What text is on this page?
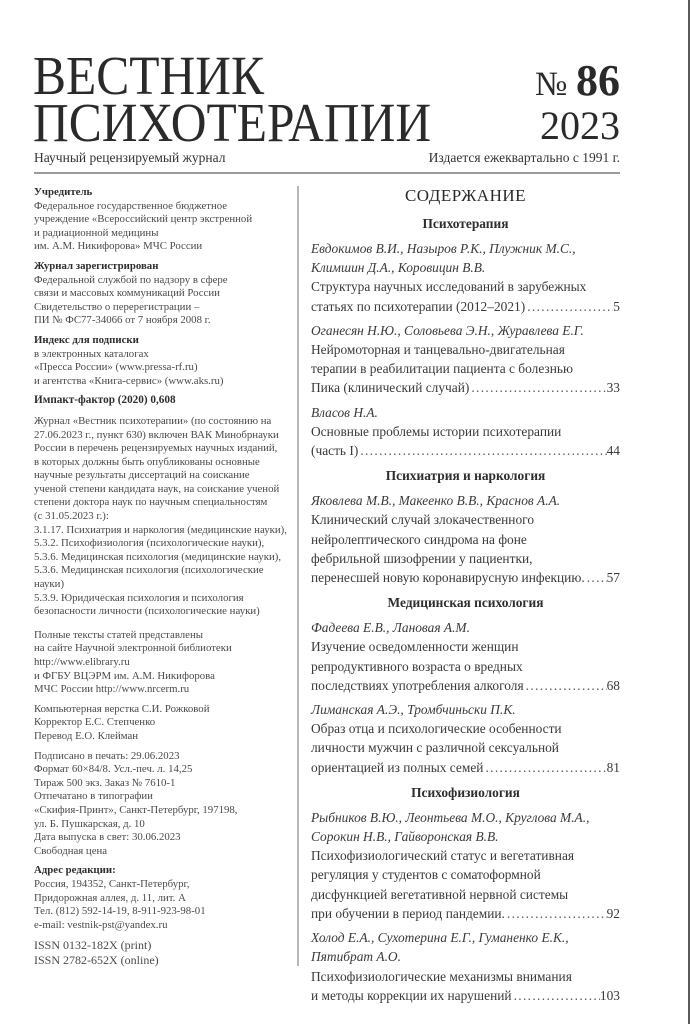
ВЕСТНИК
ПСИХОТЕРАПИИ
№ 86
2023
Научный рецензируемый журнал	Издается ежеквартально с 1991 г.
Учредитель
Федеральное государственное бюджетное
учреждение «Всероссийский центр экстренной
и радиационной медицины
им. А.М. Никифорова» МЧС России
Журнал зарегистрирован
Федеральной службой по надзору в сфере
связи и массовых коммуникаций России
Свидетельство о перерегистрации –
ПИ № ФС77-34066 от 7 ноября 2008 г.
Индекс для подписки
в электронных каталогах
«Пресса России» (www.pressa-rf.ru)
и агентства «Книга-сервис» (www.aks.ru)
Импакт-фактор (2020) 0,608
Журнал «Вестник психотерапии» (по состоянию на
27.06.2023 г., пункт 630) включен ВАК Минобрнауки
России в перечень рецензируемых научных изданий,
в которых должны быть опубликованы основные
научные результаты диссертаций на соискание
ученой степени кандидата наук, на соискание ученой
степени доктора наук по научным специальностям
(с 31.05.2023 г.):
3.1.17. Психиатрия и наркология (медицинские науки),
5.3.2. Психофизиология (психологические науки),
5.3.6. Медицинская психология (медицинские науки),
5.3.6. Медицинская психология (психологические
науки)
5.3.9. Юридическая психология и психология
безопасности личности (психологические науки)
Полные тексты статей представлены
на сайте Научной электронной библиотеки
http://www.elibrary.ru
и ФГБУ ВЦЭРМ им. А.М. Никифорова
МЧС России http://www.nrcerm.ru
Компьютерная верстка С.И. Рожковой
Корректор Е.С. Степченко
Перевод Е.О. Клейман
Подписано в печать: 29.06.2023
Формат 60×84/8. Усл.-печ. л. 14,25
Тираж 500 экз. Заказ № 7610-1
Отпечатано в типографии
«Скифия-Принт», Санкт-Петербург, 197198,
ул. Б. Пушкарская, д. 10
Дата выпуска в свет: 30.06.2023
Свободная цена
Адрес редакции:
Россия, 194352, Санкт-Петербург,
Придорожная аллея, д. 11, лит. А
Тел. (812) 592-14-19, 8-911-923-98-01
e-mail: vestnik-pst@yandex.ru
ISSN 0132-182X (print)
ISSN 2782-652X (online)
СОДЕРЖАНИЕ
Психотерапия
Евдокимов В.И., Назыров Р.К., Плужник М.С.,
Климшин Д.А., Коровицин В.В.
Структура научных исследований в зарубежных
статьях по психотерапии (2012–2021) . . .	5
Оганесян Н.Ю., Соловьева Э.Н., Журавлева Е.Г.
Нейромоторная и танцевально-двигательная
терапии в реабилитации пациента с болезнью
Пика (клинический случай) . . .	33
Власов Н.А.
Основные проблемы истории психотерапии
(часть I) . . .	44
Психиатрия и наркология
Яковлева М.В., Макеенко В.В., Краснов А.А.
Клинический случай злокачественного
нейролептического синдрома на фоне
фебрильной шизофрении у пациентки,
перенесшей новую коронавирусную инфекцию. . . . 57
Медицинская психология
Фадеева Е.В., Лановая А.М.
Изучение осведомленности женщин
репродуктивного возраста о вредных
последствиях употребления алкоголя . . .	68
Лиманская А.Э., Тромбчиньски П.К.
Образ отца и психологические особенности
личности мужчин с различной сексуальной
ориентацией из полных семей . . .	81
Психофизиология
Рыбников В.Ю., Леонтьева М.О., Круглова М.А.,
Сорокин Н.В., Гайворонская В.В.
Психофизиологический статус и вегетативная
регуляция у студентов с соматоформной
дисфункцией вегетативной нервной системы
при обучении в период пандемии. . . .	92
Холод Е.А., Сухотерина Е.Г., Гуманенко Е.К.,
Пятибрат А.О.
Психофизиологические механизмы внимания
и методы коррекции их нарушений . . .	103
